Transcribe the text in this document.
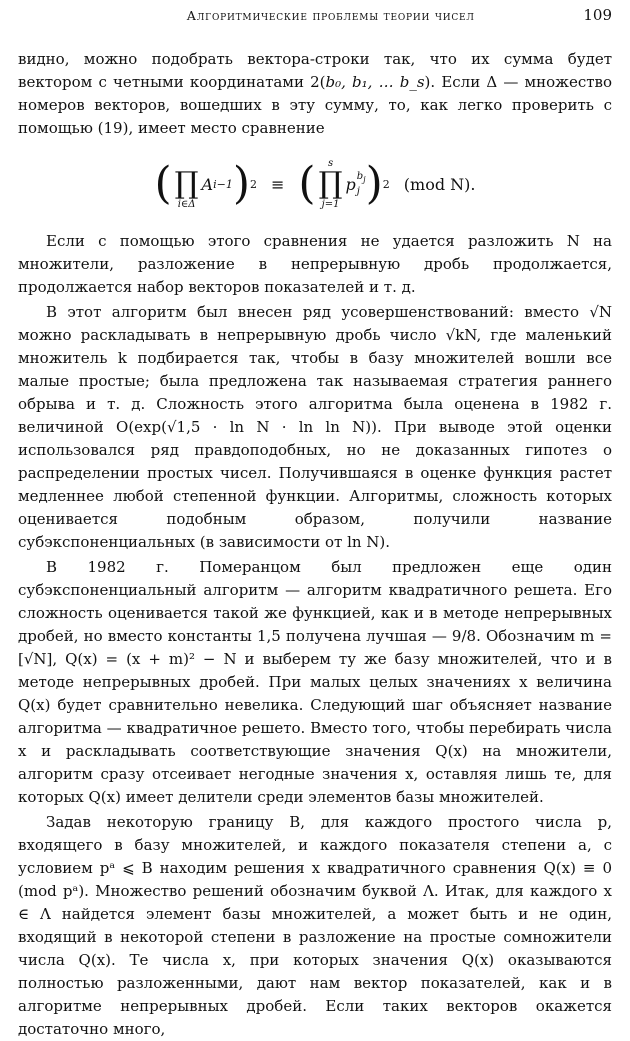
Алгоритмические проблемы теории чисел	109

видно, можно подобрать вектора-строки так, что их сумма будет вектором с четными координатами 2(b₀, b₁, … b_s). Если Δ — множество номеров векторов, вошедших в эту сумму, то, как легко проверить с помощью (19), имеет место сравнение

(
∏
i∈Δ
A i−1 ) 2 ≡ ( s
∏
j=1
p $b_j$
j ) 2 (mod N).

Если с помощью этого сравнения не удается разложить N на множители, разложение в непрерывную дробь продолжается, продолжается набор векторов показателей и т. д.

В этот алгоритм был внесен ряд усовершенствований: вместо √N можно раскладывать в непрерывную дробь число √kN, где маленький множитель k подбирается так, чтобы в базу множителей вошли все малые простые; была предложена так называемая стратегия раннего обрыва и т. д. Сложность этого алгоритма была оценена в 1982 г. величиной O(exp(√1,5 · ln N · ln ln N)). При выводе этой оценки использовался ряд правдоподобных, но не доказанных гипотез о распределении простых чисел. Получившаяся в оценке функция растет медленнее любой степенной функции. Алгоритмы, сложность которых оценивается подобным образом, получили название субэкспоненциальных (в зависимости от ln N).

В 1982 г. Померанцом был предложен еще один субэкспоненциальный алгоритм — алгоритм квадратичного решета. Его сложность оценивается такой же функцией, как и в методе непрерывных дробей, но вместо константы 1,5 получена лучшая — 9/8. Обозначим m = [√N], Q(x) = (x + m)² − N и выберем ту же базу множителей, что и в методе непрерывных дробей. При малых целых значениях x величина Q(x) будет сравнительно невелика. Следующий шаг объясняет название алгоритма — квадратичное решето. Вместо того, чтобы перебирать числа x и раскладывать соответствующие значения Q(x) на множители, алгоритм сразу отсеивает негодные значения x, оставляя лишь те, для которых Q(x) имеет делители среди элементов базы множителей.

Задав некоторую границу B, для каждого простого числа p, входящего в базу множителей, и каждого показателя степени a, с условием pᵃ ⩽ B находим решения x квадратичного сравнения Q(x) ≡ 0 (mod pᵃ). Множество решений обозначим буквой Λ. Итак, для каждого x ∈ Λ найдется элемент базы множителей, а может быть и не один, входящий в некоторой степени в разложение на простые сомножители числа Q(x). Те числа x, при которых значения Q(x) оказываются полностью разложенными, дают нам вектор показателей, как и в алгоритме непрерывных дробей. Если таких векторов окажется достаточно много,
